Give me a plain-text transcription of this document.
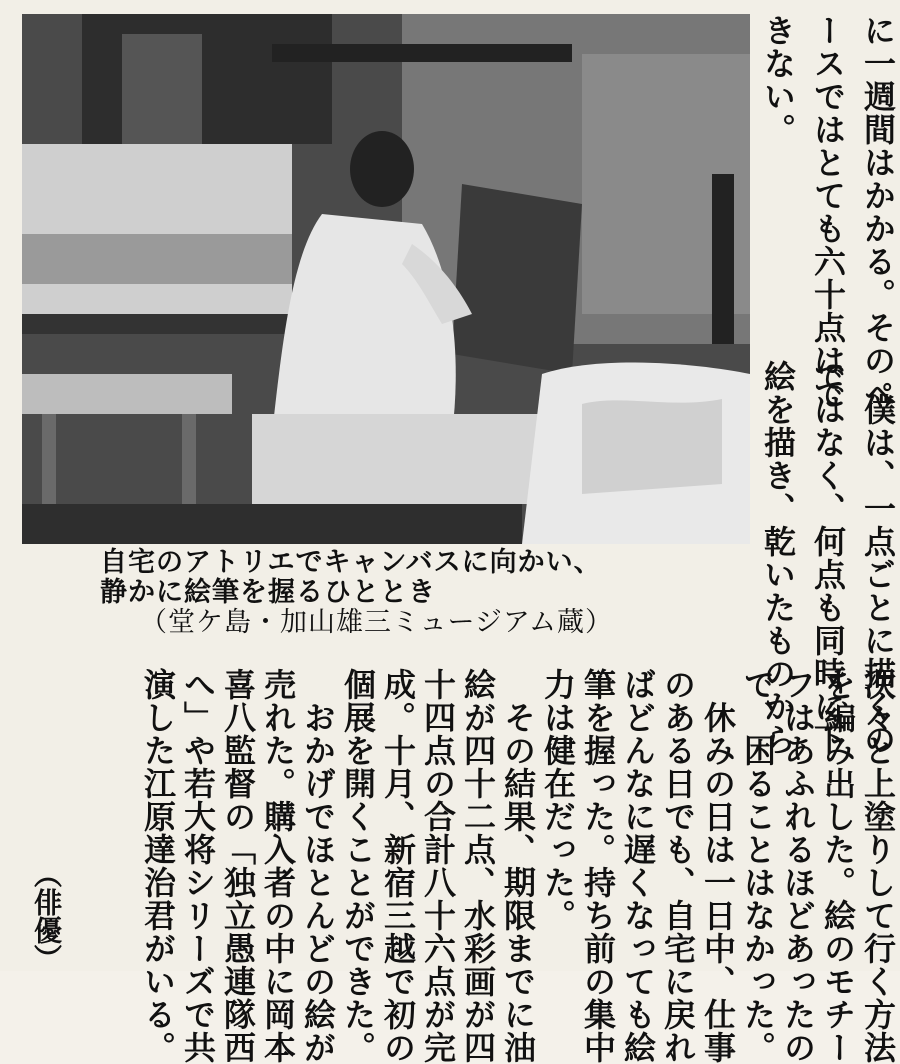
自宅のアトリエでキャンバスに向かい、
静かに絵筆を握るひととき
（堂ケ島・加山雄三ミュージアム蔵）
に一週間はかかる。そのペ
ースではとても六十点はで
きない。
　僕は、一点ごとに描くの
ではなく、何点も同時に下
絵を描き、乾いたものから
次々と上塗りして行く方法
を編み出した。絵のモチー
フはあふれるほどあったの
で、困ることはなかった。
　休みの日は一日中、仕事
のある日でも、自宅に戻れ
ばどんなに遅くなっても絵
筆を握った。持ち前の集中
力は健在だった。
　その結果、期限までに油
絵が四十二点、水彩画が四
十四点の合計八十六点が完
成。十月、新宿三越で初の
個展を開くことができた。
　おかげでほとんどの絵が
売れた。購入者の中に岡本
喜八監督の「独立愚連隊西
へ」や若大将シリーズで共
演した江原達治君がいる。
（俳優）
